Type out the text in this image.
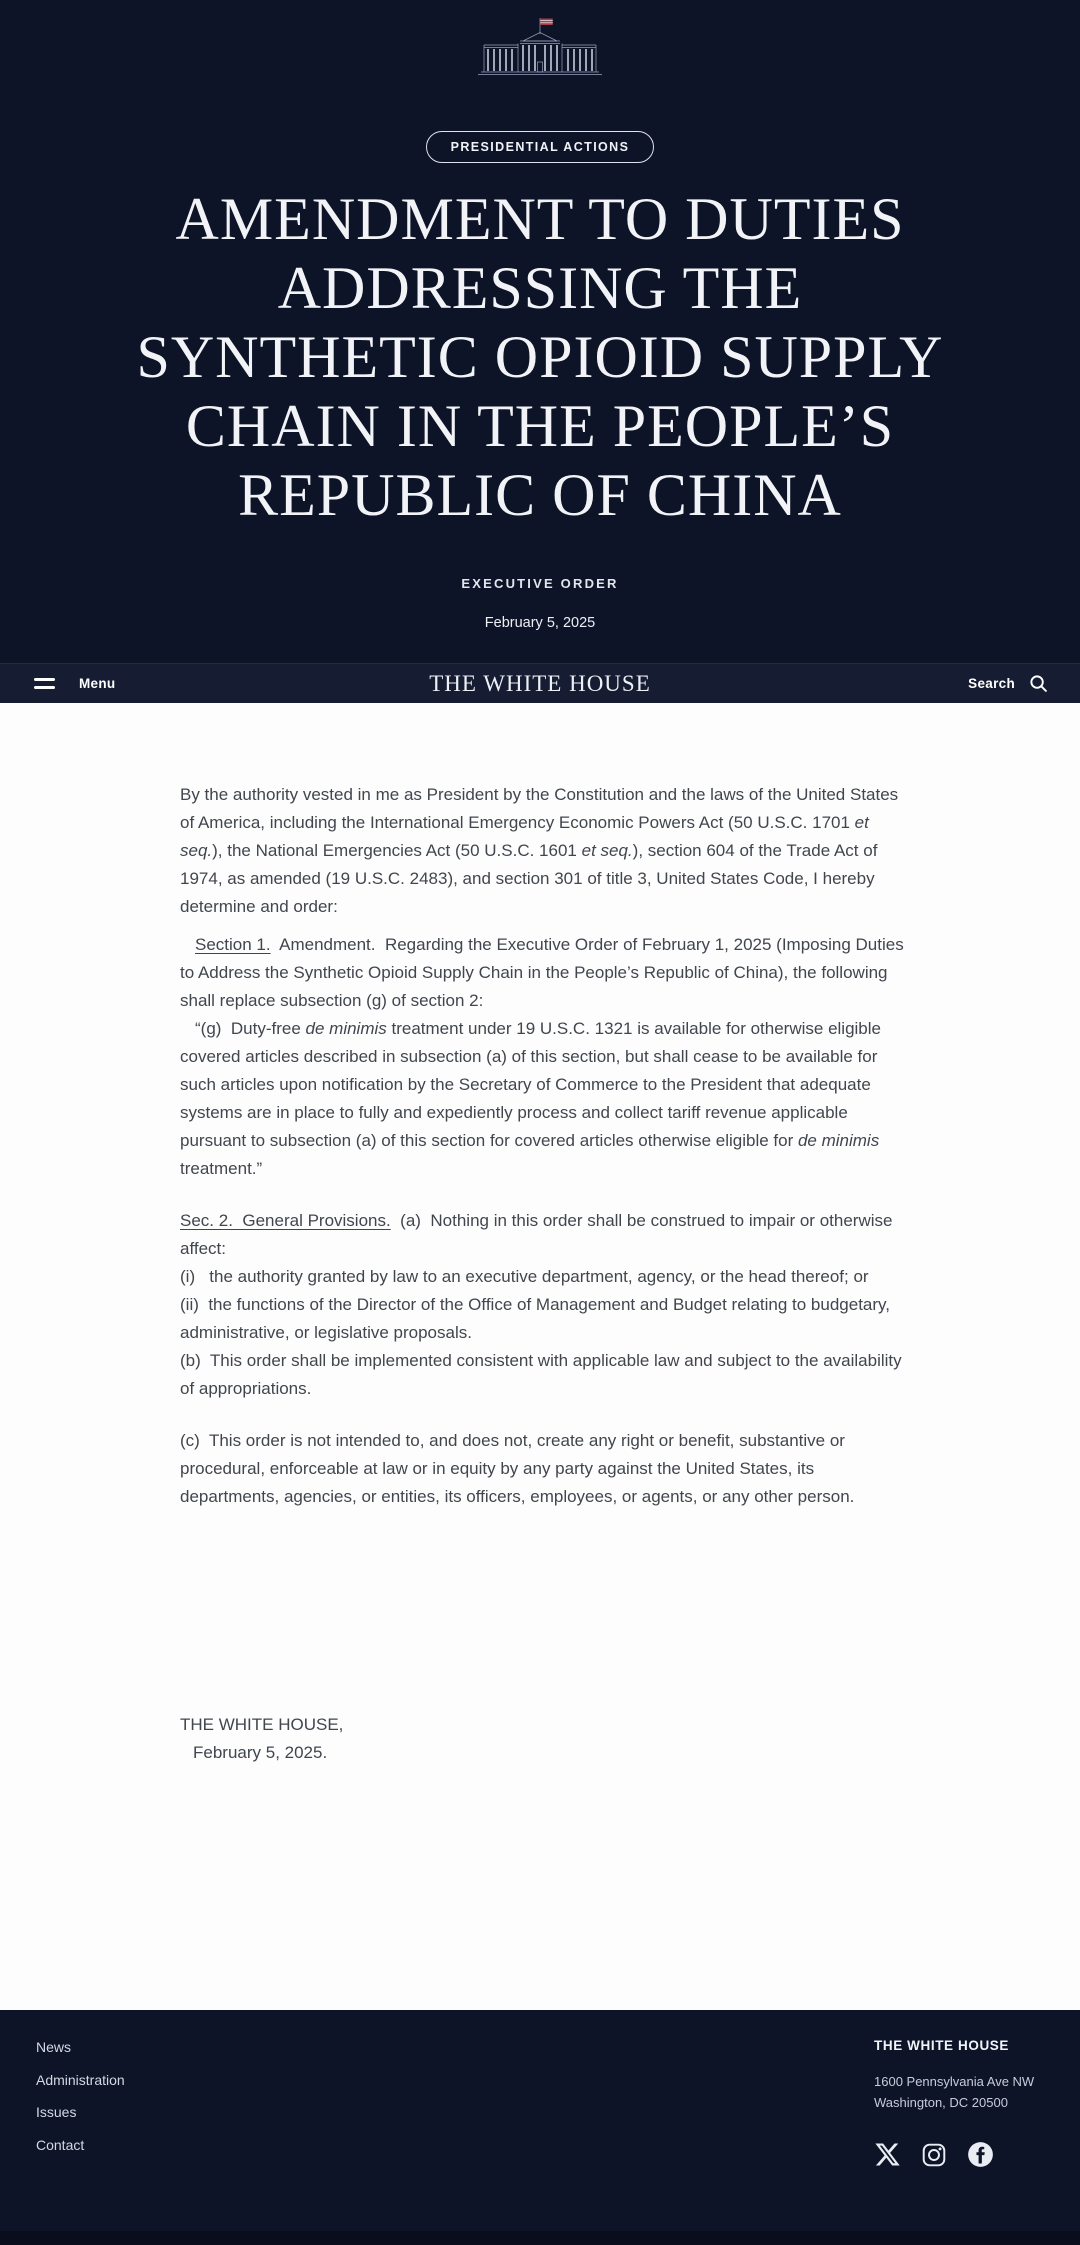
PRESIDENTIAL ACTIONS
AMENDMENT TO DUTIES
ADDRESSING THE
SYNTHETIC OPIOID SUPPLY
CHAIN IN THE PEOPLE’S
REPUBLIC OF CHINA
EXECUTIVE ORDER
February 5, 2025
Menu	THE WHITE HOUSE	Search

By the authority vested in me as President by the Constitution and the laws of the United States of America, including the International Emergency Economic Powers Act (50 U.S.C. 1701 et seq.), the National Emergencies Act (50 U.S.C. 1601 et seq.), section 604 of the Trade Act of 1974, as amended (19 U.S.C. 2483), and section 301 of title 3, United States Code, I hereby determine and order:

Section 1.  Amendment.  Regarding the Executive Order of February 1, 2025 (Imposing Duties to Address the Synthetic Opioid Supply Chain in the People’s Republic of China), the following shall replace subsection (g) of section 2:

“(g)  Duty-free de minimis treatment under 19 U.S.C. 1321 is available for otherwise eligible covered articles described in subsection (a) of this section, but shall cease to be available for such articles upon notification by the Secretary of Commerce to the President that adequate systems are in place to fully and expediently process and collect tariff revenue applicable pursuant to subsection (a) of this section for covered articles otherwise eligible for de minimis treatment.”

Sec. 2.  General Provisions.  (a)  Nothing in this order shall be construed to impair or otherwise affect:

(i)   the authority granted by law to an executive department, agency, or the head thereof; or

(ii)  the functions of the Director of the Office of Management and Budget relating to budgetary, administrative, or legislative proposals.

(b)  This order shall be implemented consistent with applicable law and subject to the availability of appropriations.

(c)  This order is not intended to, and does not, create any right or benefit, substantive or procedural, enforceable at law or in equity by any party against the United States, its departments, agencies, or entities, its officers, employees, or agents, or any other person.

THE WHITE HOUSE,
February 5, 2025.
News
Administration
Issues
Contact
THE WHITE HOUSE
1600 Pennsylvania Ave NW
Washington, DC 20500
